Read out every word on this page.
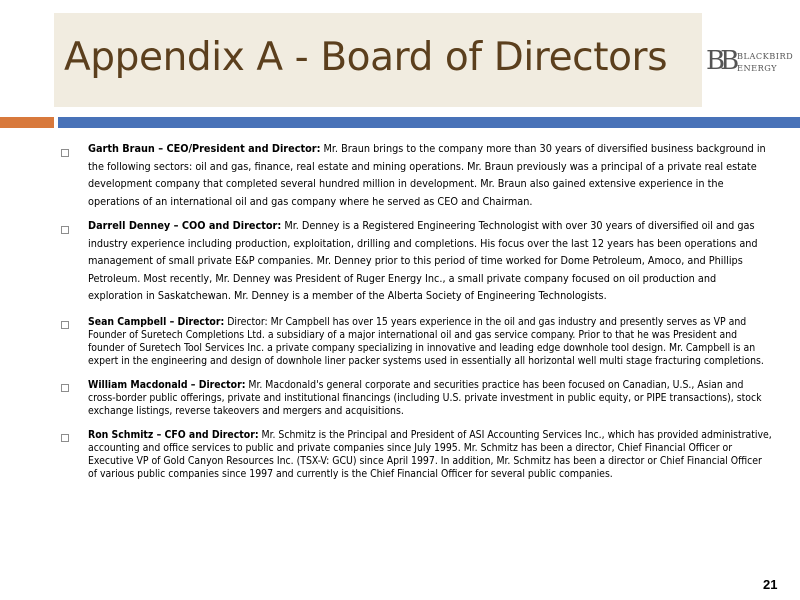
Appendix A - Board of Directors BB BLACKBIRD
ENERGY
Garth Braun – CEO/President and Director: Mr. Braun brings to the company more than 30 years of diversified business background in the following sectors: oil and gas, finance, real estate and mining operations. Mr. Braun previously was a principal of a private real estate development company that completed several hundred million in development. Mr. Braun also gained extensive experience in the operations of an international oil and gas company where he served as CEO and Chairman.
Darrell Denney – COO and Director: Mr. Denney is a Registered Engineering Technologist with over 30 years of diversified oil and gas industry experience including production, exploitation, drilling and completions. His focus over the last 12 years has been operations and management of small private E&P companies. Mr. Denney prior to this period of time worked for Dome Petroleum, Amoco, and Phillips Petroleum. Most recently, Mr. Denney was President of Ruger Energy Inc., a small private company focused on oil production and exploration in Saskatchewan. Mr. Denney is a member of the Alberta Society of Engineering Technologists.
Sean Campbell – Director: Director: Mr Campbell has over 15 years experience in the oil and gas industry and presently serves as VP and Founder of Suretech Completions Ltd. a subsidiary of a major international oil and gas service company. Prior to that he was President and founder of Suretech Tool Services Inc. a private company specializing in innovative and leading edge downhole tool design. Mr. Campbell is an expert in the engineering and design of downhole liner packer systems used in essentially all horizontal well multi stage fracturing completions.
William Macdonald – Director: Mr. Macdonald's general corporate and securities practice has been focused on Canadian, U.S., Asian and cross-border public offerings, private and institutional financings (including U.S. private investment in public equity, or PIPE transactions), stock exchange listings, reverse takeovers and mergers and acquisitions.
Ron Schmitz – CFO and Director: Mr. Schmitz is the Principal and President of ASI Accounting Services Inc., which has provided administrative, accounting and office services to public and private companies since July 1995. Mr. Schmitz has been a director, Chief Financial Officer or Executive VP of Gold Canyon Resources Inc. (TSX-V: GCU) since April 1997. In addition, Mr. Schmitz has been a director or Chief Financial Officer of various public companies since 1997 and currently is the Chief Financial Officer for several public companies.
21
